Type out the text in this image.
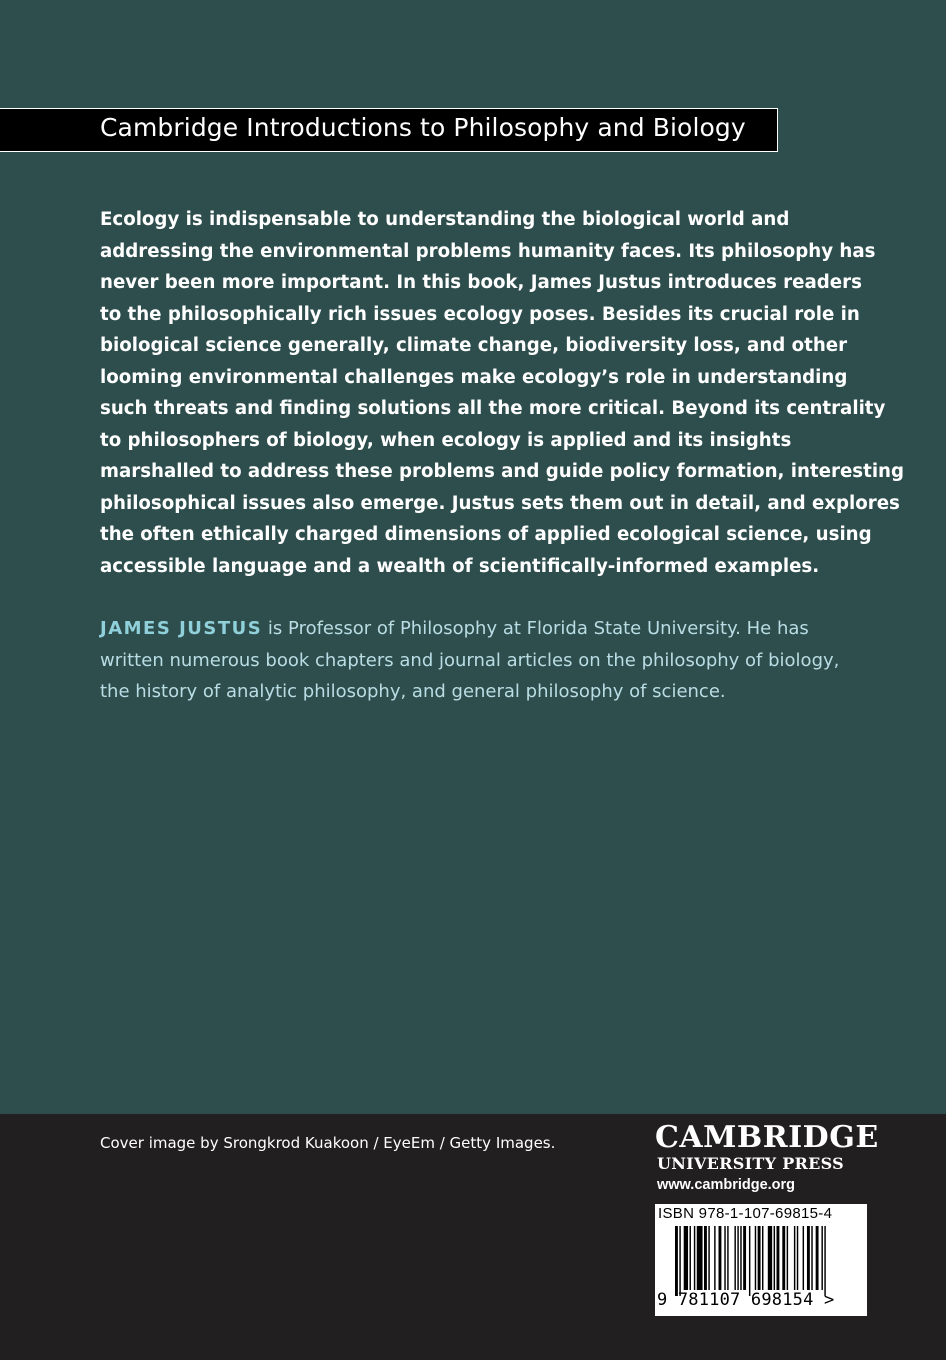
Cambridge Introductions to Philosophy and Biology
Ecology is indispensable to understanding the biological world and
addressing the environmental problems humanity faces. Its philosophy has
never been more important. In this book, James Justus introduces readers
to the philosophically rich issues ecology poses. Besides its crucial role in
biological science generally, climate change, biodiversity loss, and other
looming environmental challenges make ecology’s role in understanding
such threats and finding solutions all the more critical. Beyond its centrality
to philosophers of biology, when ecology is applied and its insights
marshalled to address these problems and guide policy formation, interesting
philosophical issues also emerge. Justus sets them out in detail, and explores
the often ethically charged dimensions of applied ecological science, using
accessible language and a wealth of scientifically-informed examples.
JAMES JUSTUS is Professor of Philosophy at Florida State University. He has
written numerous book chapters and journal articles on the philosophy of biology,
the history of analytic philosophy, and general philosophy of science.
Cover image by Srongkrod Kuakoon / EyeEm / Getty Images.	CAMBRIDGE
UNIVERSITY PRESS
www.cambridge.org
ISBN 978-1-107-69815-4
9 781107 698154 >
